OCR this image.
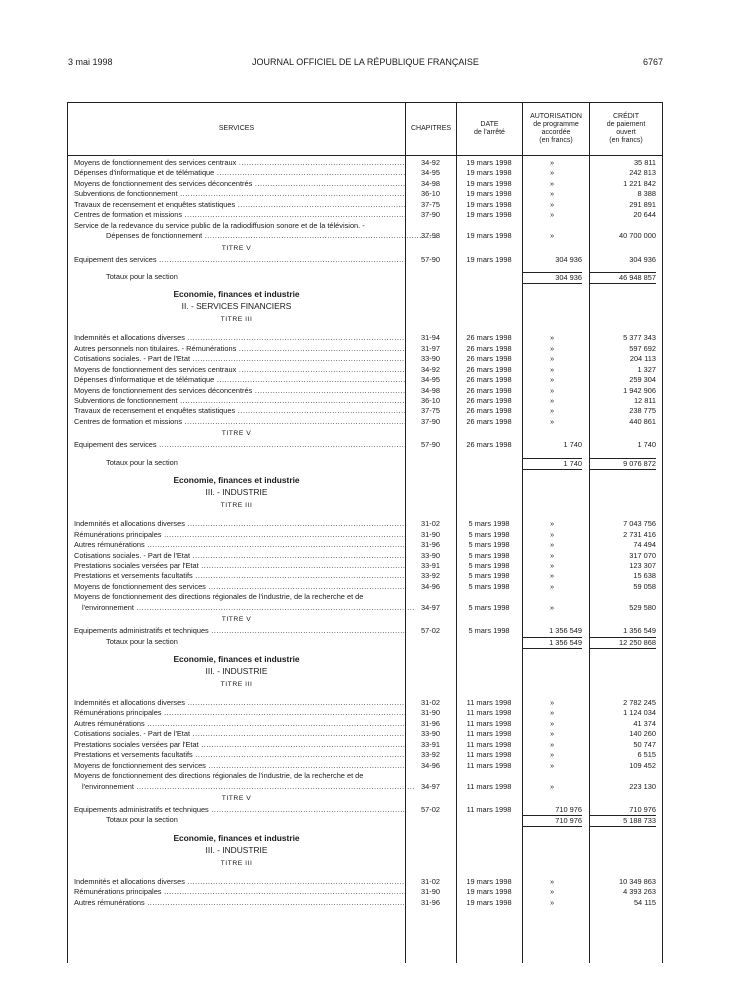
3 mai 1998	JOURNAL OFFICIEL DE LA RÉPUBLIQUE FRANÇAISE	6767
SERVICES	CHAPITRES
DATE
de l'arrêté
AUTORISATION
de programme
accordée
(en francs)
CRÉDIT
de paiement
ouvert
(en francs)
Moyens de fonctionnement des services centraux .....	34-92	19 mars 1998	»	35 811
Dépenses d'informatique et de télématique .....	34-95	19 mars 1998	»	242 813
Moyens de fonctionnement des services déconcentrés .....	34-98	19 mars 1998	»	1 221 842
Subventions de fonctionnement .....	36-10	19 mars 1998	»	8 388
Travaux de recensement et enquêtes statistiques .....	37-75	19 mars 1998	»	291 891
Centres de formation et missions .....	37-90	19 mars 1998	»	20 644
Service de la redevance du service public de la radiodiffusion sonore et de la télévision. -
Dépenses de fonctionnement .....	37-98	19 mars 1998	»	40 700 000
TITRE V
Equipement des services .....	57-90	19 mars 1998	304 936	304 936
Totaux pour la section	304 936	46 948 857
Economie, finances et industrie
II. - SERVICES FINANCIERS
TITRE III
Indemnités et allocations diverses .....	31-94	26 mars 1998	»	5 377 343
Autres personnels non titulaires. - Rémunérations .....	31-97	26 mars 1998	»	597 692
Cotisations sociales. - Part de l'Etat .....	33-90	26 mars 1998	»	204 113
Moyens de fonctionnement des services centraux .....	34-92	26 mars 1998	»	1 327
Dépenses d'informatique et de télématique .....	34-95	26 mars 1998	»	259 304
Moyens de fonctionnement des services déconcentrés .....	34-98	26 mars 1998	»	1 942 906
Subventions de fonctionnement .....	36-10	26 mars 1998	»	12 811
Travaux de recensement et enquêtes statistiques .....	37-75	26 mars 1998	»	238 775
Centres de formation et missions .....	37-90	26 mars 1998	»	440 861
TITRE V
Equipement des services .....	57-90	26 mars 1998	1 740	1 740
Totaux pour la section	1 740	9 076 872
Economie, finances et industrie
III. - INDUSTRIE
TITRE III
Indemnités et allocations diverses .....	31-02	5 mars 1998	»	7 043 756
Rémunérations principales .....	31-90	5 mars 1998	»	2 731 416
Autres rémunérations .....	31-96	5 mars 1998	»	74 494
Cotisations sociales. - Part de l'Etat .....	33-90	5 mars 1998	»	317 070
Prestations sociales versées par l'Etat .....	33-91	5 mars 1998	»	123 307
Prestations et versements facultatifs .....	33-92	5 mars 1998	»	15 638
Moyens de fonctionnement des services .....	34-96	5 mars 1998	»	59 058
Moyens de fonctionnement des directions régionales de l'industrie, de la recherche et de
l'environnement .....	34-97	5 mars 1998	»	529 580
TITRE V
Equipements administratifs et techniques .....	57-02	5 mars 1998	1 356 549	1 356 549
Totaux pour la section	1 356 549	12 250 868
Economie, finances et industrie
III. - INDUSTRIE
TITRE III
Indemnités et allocations diverses .....	31-02	11 mars 1998	»	2 782 245
Rémunérations principales .....	31-90	11 mars 1998	»	1 124 034
Autres rémunérations .....	31-96	11 mars 1998	»	41 374
Cotisations sociales. - Part de l'Etat .....	33-90	11 mars 1998	»	140 260
Prestations sociales versées par l'Etat .....	33-91	11 mars 1998	»	50 747
Prestations et versements facultatifs .....	33-92	11 mars 1998	»	6 515
Moyens de fonctionnement des services .....	34-96	11 mars 1998	»	109 452
Moyens de fonctionnement des directions régionales de l'industrie, de la recherche et de
l'environnement .....	34-97	11 mars 1998	»	223 130
TITRE V
Equipements administratifs et techniques .....	57-02	11 mars 1998	710 976	710 976
Totaux pour la section	710 976	5 188 733
Economie, finances et industrie
III. - INDUSTRIE
TITRE III
Indemnités et allocations diverses .....	31-02	19 mars 1998	»	10 349 863
Rémunérations principales .....	31-90	19 mars 1998	»	4 393 263
Autres rémunérations .....	31-96	19 mars 1998	»	54 115
